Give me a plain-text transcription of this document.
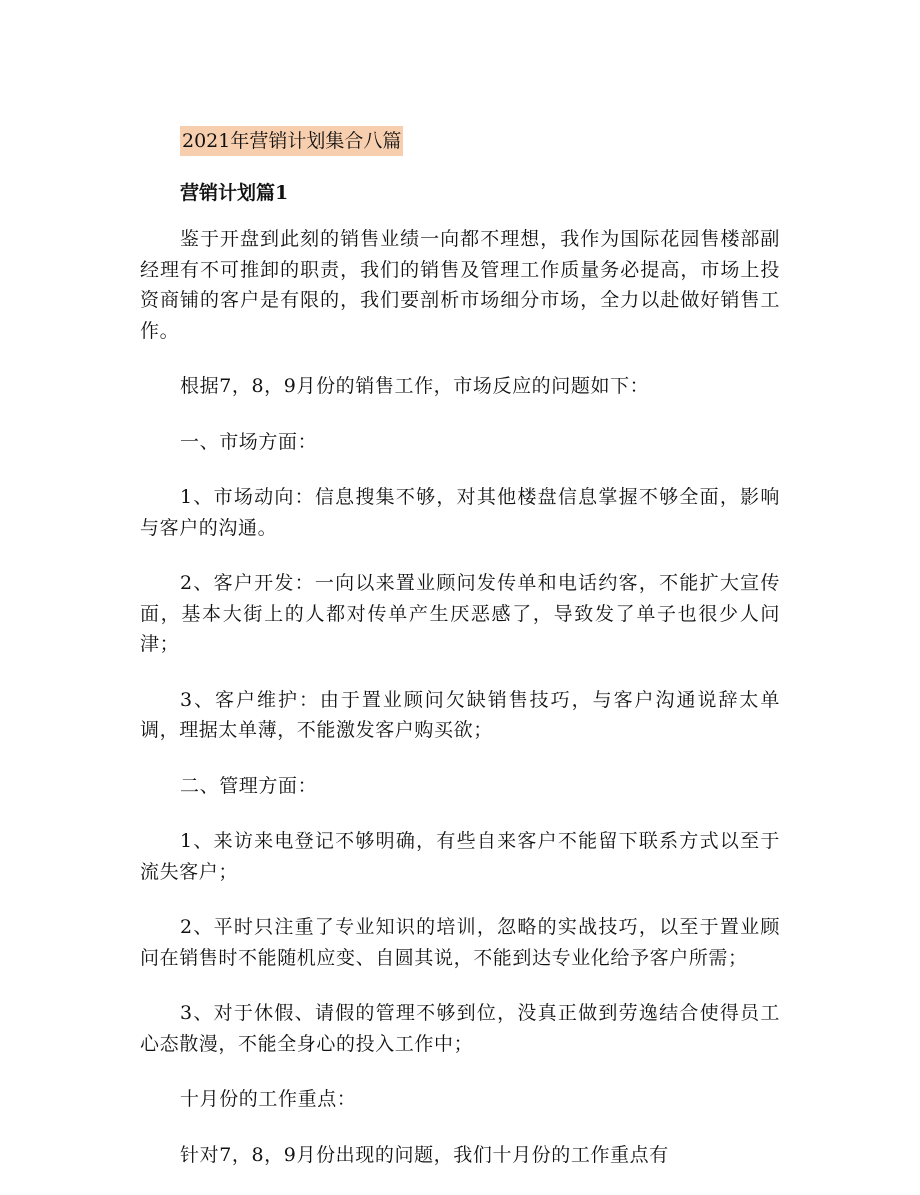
2021年营销计划集合八篇
营销计划篇1

鉴于开盘到此刻的销售业绩一向都不理想，我作为国际花园售楼部副经理有不可推卸的职责，我们的销售及管理工作质量务必提高，市场上投资商铺的客户是有限的，我们要剖析市场细分市场，全力以赴做好销售工作。

根据7，8，9月份的销售工作，市场反应的问题如下：

一、市场方面：

1、市场动向：信息搜集不够，对其他楼盘信息掌握不够全面，影响与客户的沟通。

2、客户开发：一向以来置业顾问发传单和电话约客，不能扩大宣传面，基本大街上的人都对传单产生厌恶感了，导致发了单子也很少人问津；

3、客户维护：由于置业顾问欠缺销售技巧，与客户沟通说辞太单调，理据太单薄，不能激发客户购买欲；

二、管理方面：

1、来访来电登记不够明确，有些自来客户不能留下联系方式以至于流失客户；

2、平时只注重了专业知识的培训，忽略的实战技巧，以至于置业顾问在销售时不能随机应变、自圆其说，不能到达专业化给予客户所需；

3、对于休假、请假的管理不够到位，没真正做到劳逸结合使得员工心态散漫，不能全身心的投入工作中；

十月份的工作重点：

针对7，8，9月份出现的问题，我们十月份的工作重点有
